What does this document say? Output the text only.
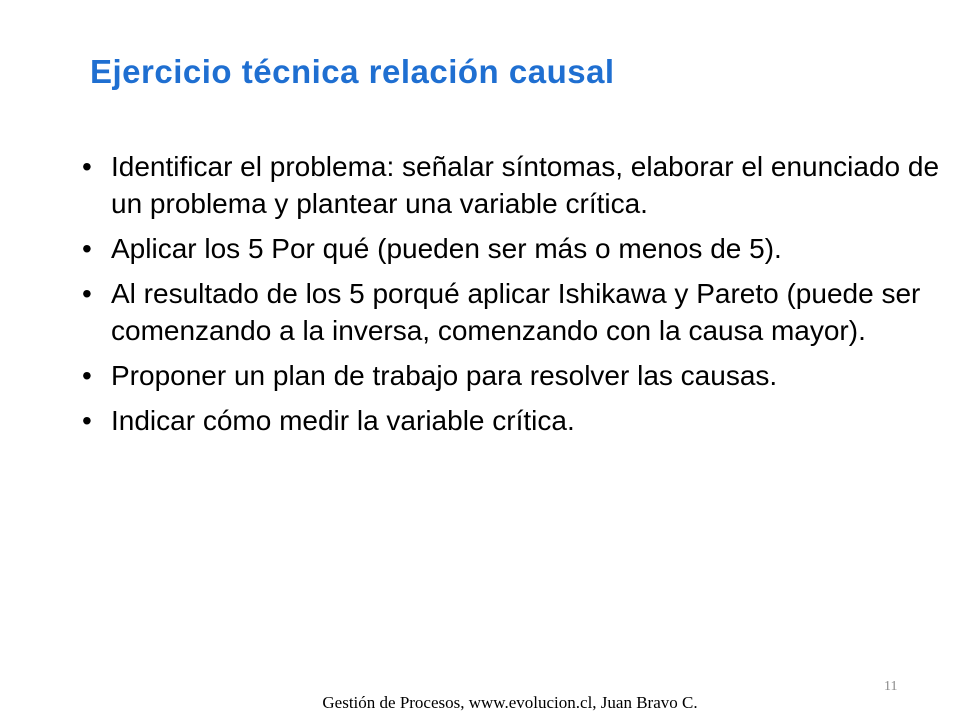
Ejercicio técnica relación causal
• Identificar el problema: señalar síntomas, elaborar el enunciado de un problema y plantear una variable crítica.
• Aplicar los 5 Por qué (pueden ser más o menos de 5).
• Al resultado de los 5 porqué aplicar Ishikawa y Pareto (puede ser comenzando a la inversa, comenzando con la causa mayor).
• Proponer un plan de trabajo para resolver las causas.
• Indicar cómo medir la variable crítica.
Gestión de Procesos, www.evolucion.cl, Juan Bravo C.
11
